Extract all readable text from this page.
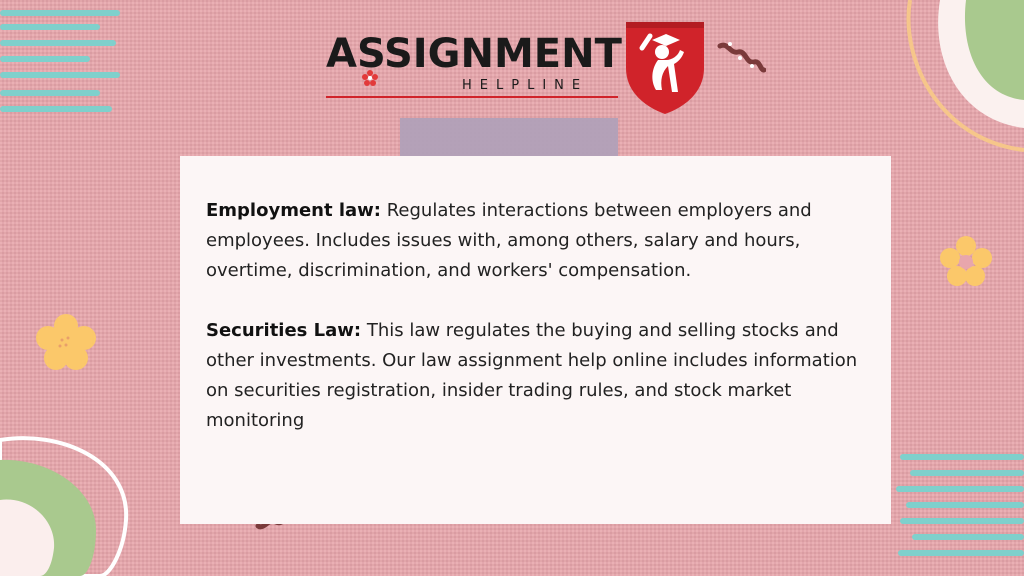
ASSIGNMENT
HELPLINE

Employment law: Regulates interactions between employers and employees. Includes issues with, among others, salary and hours, overtime, discrimination, and workers' compensation.

Securities Law: This law regulates the buying and selling stocks and other investments. Our law assignment help online includes information on securities registration, insider trading rules, and stock market monitoring
